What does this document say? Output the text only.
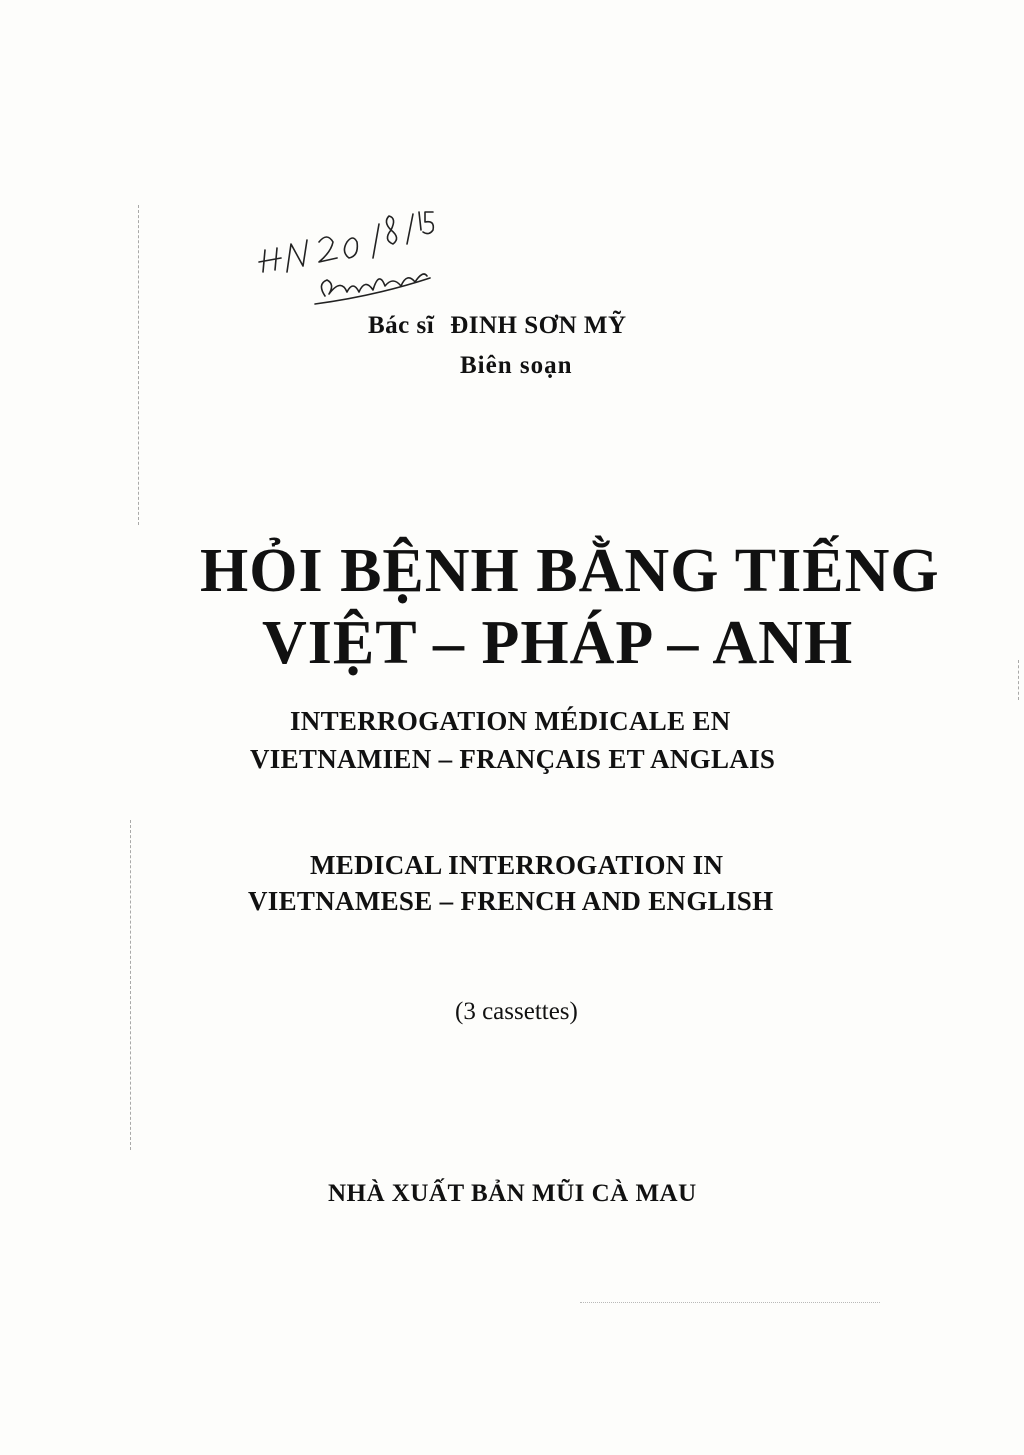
Bác sĩ ĐINH SƠN MỸ
Biên soạn
HỎI BỆNH BẰNG TIẾNG
VIỆT – PHÁP – ANH
INTERROGATION MÉDICALE EN
VIETNAMIEN – FRANÇAIS ET ANGLAIS
MEDICAL INTERROGATION IN
VIETNAMESE – FRENCH AND ENGLISH
(3 cassettes)
NHÀ XUẤT BẢN MŨI CÀ MAU
